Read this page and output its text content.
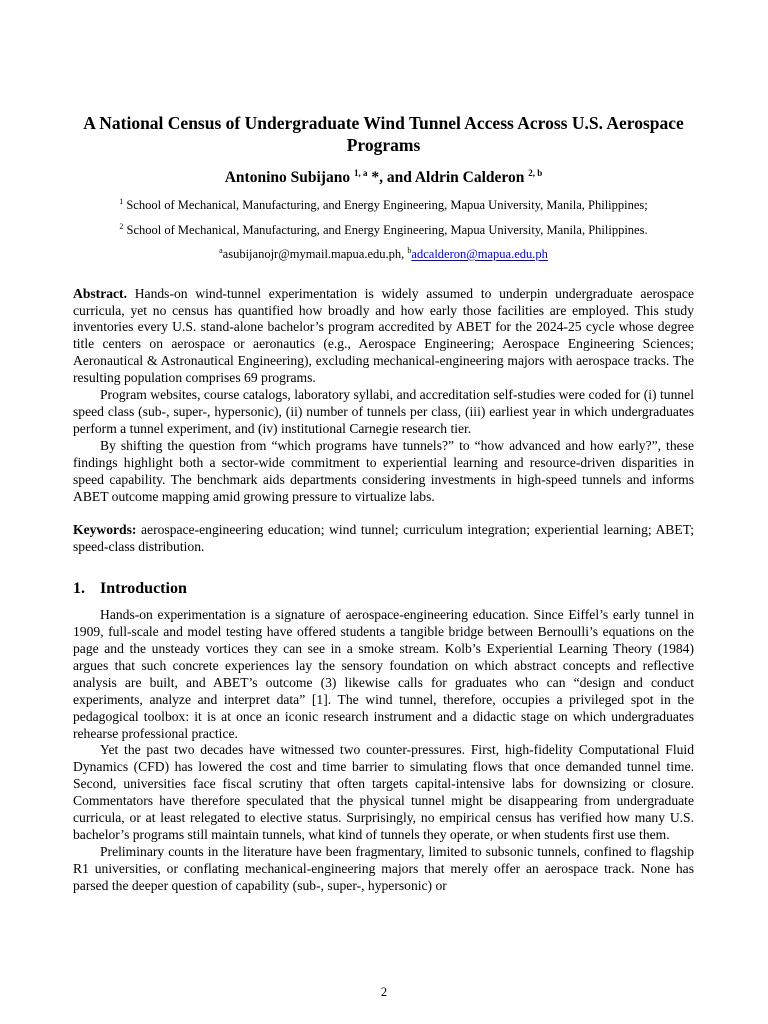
A National Census of Undergraduate Wind Tunnel Access Across U.S. Aerospace Programs
Antonino Subijano $^{1, a}$ *, and Aldrin Calderon $^{2, b}$
$^1$ School of Mechanical, Manufacturing, and Energy Engineering, Mapua University, Manila, Philippines;
$^2$ School of Mechanical, Manufacturing, and Energy Engineering, Mapua University, Manila, Philippines.
$^a$asubijanojr@mymail.mapua.edu.ph, $^b$adcalderon@mapua.edu.ph

Abstract. Hands-on wind-tunnel experimentation is widely assumed to underpin undergraduate aerospace curricula, yet no census has quantified how broadly and how early those facilities are employed. This study inventories every U.S. stand-alone bachelor’s program accredited by ABET for the 2024-25 cycle whose degree title centers on aerospace or aeronautics (e.g., Aerospace Engineering; Aerospace Engineering Sciences; Aeronautical & Astronautical Engineering), excluding mechanical-engineering majors with aerospace tracks. The resulting population comprises 69 programs.

Program websites, course catalogs, laboratory syllabi, and accreditation self-studies were coded for (i) tunnel speed class (sub-, super-, hypersonic), (ii) number of tunnels per class, (iii) earliest year in which undergraduates perform a tunnel experiment, and (iv) institutional Carnegie research tier.

By shifting the question from “which programs have tunnels?” to “how advanced and how early?”, these findings highlight both a sector-wide commitment to experiential learning and resource-driven disparities in speed capability. The benchmark aids departments considering investments in high-speed tunnels and informs ABET outcome mapping amid growing pressure to virtualize labs.

Keywords: aerospace-engineering education; wind tunnel; curriculum integration; experiential learning; ABET; speed-class distribution.
1. Introduction

Hands-on experimentation is a signature of aerospace-engineering education. Since Eiffel’s early tunnel in 1909, full-scale and model testing have offered students a tangible bridge between Bernoulli’s equations on the page and the unsteady vortices they can see in a smoke stream. Kolb’s Experiential Learning Theory (1984) argues that such concrete experiences lay the sensory foundation on which abstract concepts and reflective analysis are built, and ABET’s outcome (3) likewise calls for graduates who can “design and conduct experiments, analyze and interpret data” [1]. The wind tunnel, therefore, occupies a privileged spot in the pedagogical toolbox: it is at once an iconic research instrument and a didactic stage on which undergraduates rehearse professional practice.

Yet the past two decades have witnessed two counter-pressures. First, high-fidelity Computational Fluid Dynamics (CFD) has lowered the cost and time barrier to simulating flows that once demanded tunnel time. Second, universities face fiscal scrutiny that often targets capital-intensive labs for downsizing or closure. Commentators have therefore speculated that the physical tunnel might be disappearing from undergraduate curricula, or at least relegated to elective status. Surprisingly, no empirical census has verified how many U.S. bachelor’s programs still maintain tunnels, what kind of tunnels they operate, or when students first use them.

Preliminary counts in the literature have been fragmentary, limited to subsonic tunnels, confined to flagship R1 universities, or conflating mechanical-engineering majors that merely offer an aerospace track. None has parsed the deeper question of capability (sub-, super-, hypersonic) or

2
